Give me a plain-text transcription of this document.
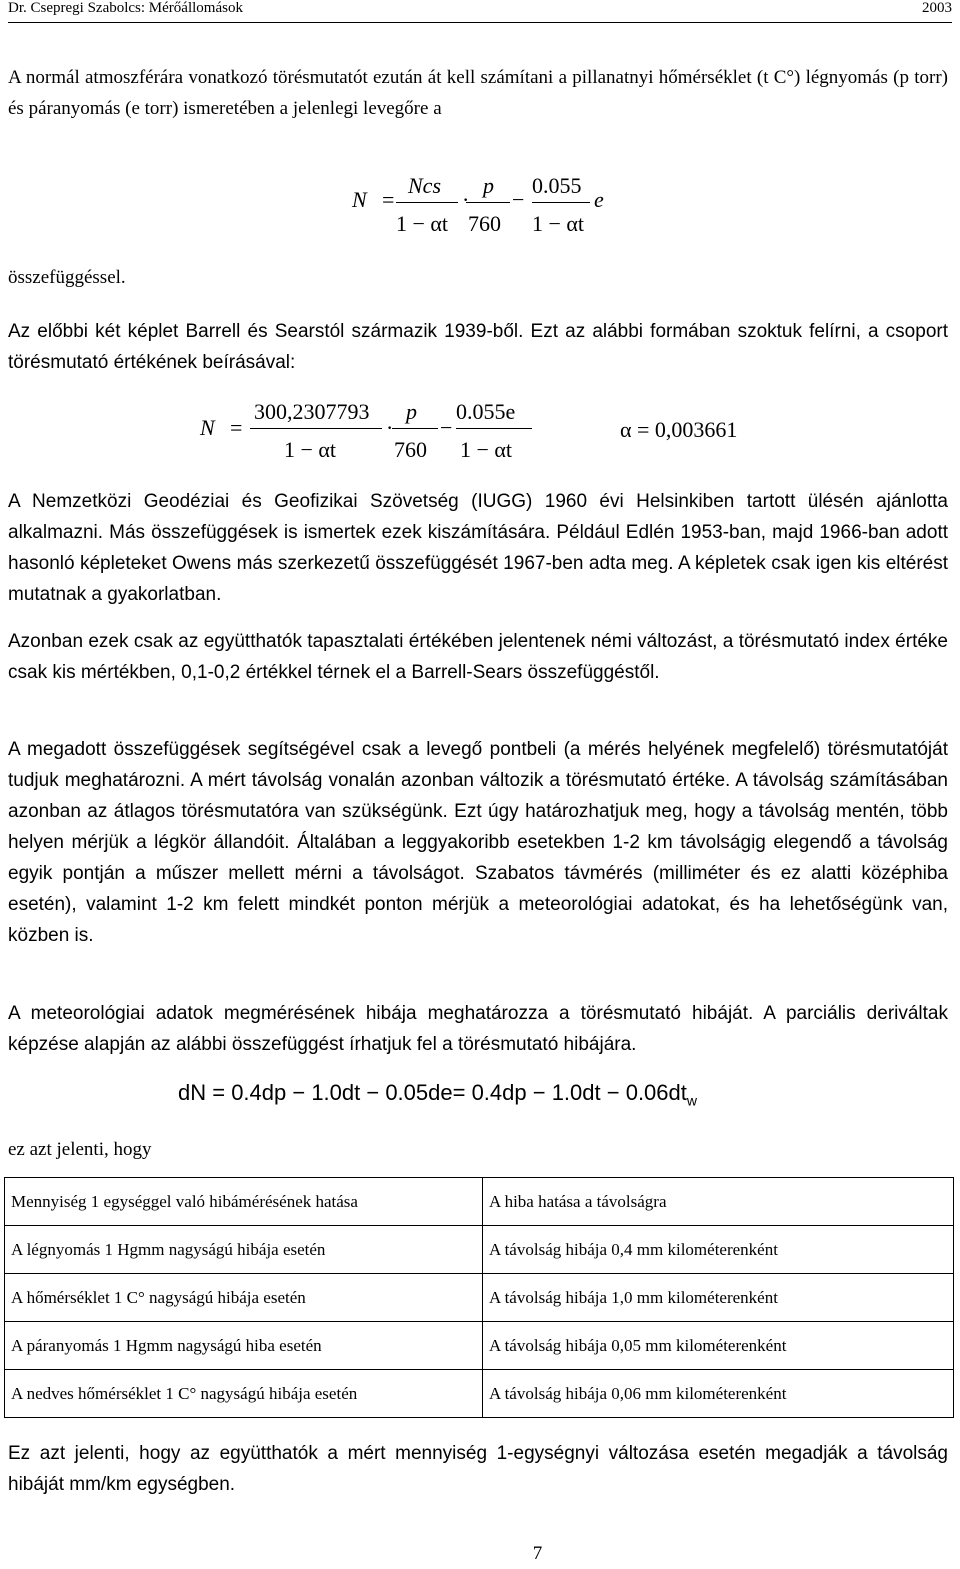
Dr. Csepregi Szabolcs: Mérőállomások	2003

A normál atmoszférára vonatkozó törésmutatót ezután át kell számítani a pillanatnyi hőmérséklet (t C°) légnyomás (p torr) és páranyomás (e torr) ismeretében a jelenlegi levegőre a

N =
Ncs
1 − αt
·
p
760
−
0.055
1 − αt
e

összefüggéssel.

Az előbbi két képlet Barrell és Searstól származik 1939-ből. Ezt az alábbi formában szoktuk felírni, a csoport törésmutató értékének beírásával:

N =
300,2307793
1 − αt
·
p
760
−
0.055e
1 − αt
α = 0,003661

A Nemzetközi Geodéziai és Geofizikai Szövetség (IUGG) 1960 évi Helsinkiben tartott ülésén ajánlotta alkalmazni. Más összefüggések is ismertek ezek kiszámítására. Például Edlén 1953-ban, majd 1966-ban adott hasonló képleteket Owens más szerkezetű összefüggését 1967-ben adta meg. A képletek csak igen kis eltérést mutatnak a gyakorlatban.

Azonban ezek csak az együtthatók tapasztalati értékében jelentenek némi változást, a törésmutató index értéke csak kis mértékben, 0,1-0,2 értékkel térnek el a Barrell-Sears összefüggéstől.

A megadott összefüggések segítségével csak a levegő pontbeli (a mérés helyének megfelelő) törésmutatóját tudjuk meghatározni. A mért távolság vonalán azonban változik a törésmutató értéke. A távolság számításában azonban az átlagos törésmutatóra van szükségünk. Ezt úgy határozhatjuk meg, hogy a távolság mentén, több helyen mérjük a légkör állandóit. Általában a leggyakoribb esetekben 1-2 km távolságig elegendő a távolság egyik pontján a műszer mellett mérni a távolságot. Szabatos távmérés (milliméter és ez alatti középhiba esetén), valamint 1-2 km felett mindkét ponton mérjük a meteorológiai adatokat, és ha lehetőségünk van, közben is.

A meteorológiai adatok megmérésének hibája meghatározza a törésmutató hibáját. A parciális deriváltak képzése alapján az alábbi összefüggést írhatjuk fel a törésmutató hibájára.

dN = $0.4dp - 1.0dt - 0.05de= 0.4dp - 1.0dt - 0.06dt_w$

ez azt jelenti, hogy

Mennyiség 1 egységgel való hibámérésének hatása	A hiba hatása a távolságra
A légnyomás 1 Hgmm nagyságú hibája esetén	A távolság hibája 0,4 mm kilométerenként
A hőmérséklet 1 C° nagyságú hibája esetén	A távolság hibája 1,0 mm kilométerenként
A páranyomás 1 Hgmm nagyságú hiba esetén	A távolság hibája 0,05 mm kilométerenként
A nedves hőmérséklet 1 C° nagyságú hibája esetén	A távolság hibája 0,06 mm kilométerenként

Ez azt jelenti, hogy az együtthatók a mért mennyiség 1-egységnyi változása esetén megadják a távolság hibáját mm/km egységben.

7
